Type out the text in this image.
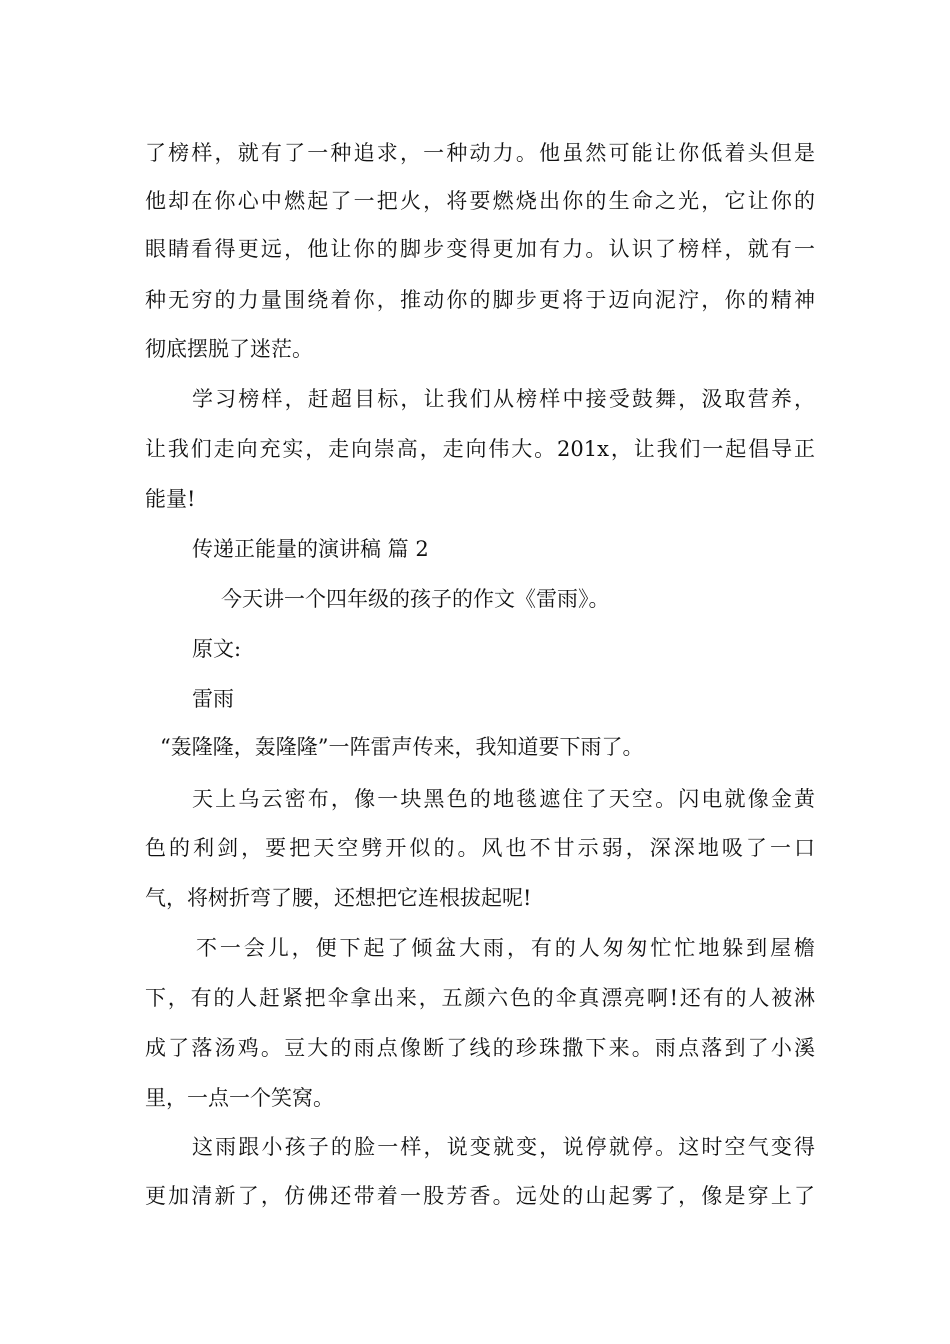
了榜样，就有了一种追求，一种动力。他虽然可能让你低着头但是
他却在你心中燃起了一把火，将要燃烧出你的生命之光，它让你的
眼睛看得更远，他让你的脚步变得更加有力。认识了榜样，就有一
种无穷的力量围绕着你，推动你的脚步更将于迈向泥泞，你的精神
彻底摆脱了迷茫。
学习榜样，赶超目标，让我们从榜样中接受鼓舞，汲取营养，
让我们走向充实，走向崇高，走向伟大。201x，让我们一起倡导正
能量!
传递正能量的演讲稿 篇 2
今天讲一个四年级的孩子的作文《雷雨》。
原文:
雷雨
“轰隆隆，轰隆隆”一阵雷声传来，我知道要下雨了。
天上乌云密布，像一块黑色的地毯遮住了天空。闪电就像金黄
色的利剑，要把天空劈开似的。风也不甘示弱，深深地吸了一口
气，将树折弯了腰，还想把它连根拔起呢!
不一会儿，便下起了倾盆大雨，有的人匆匆忙忙地躲到屋檐
下，有的人赶紧把伞拿出来，五颜六色的伞真漂亮啊!还有的人被淋
成了落汤鸡。豆大的雨点像断了线的珍珠撒下来。雨点落到了小溪
里，一点一个笑窝。
这雨跟小孩子的脸一样，说变就变，说停就停。这时空气变得
更加清新了，仿佛还带着一股芳香。远处的山起雾了，像是穿上了
